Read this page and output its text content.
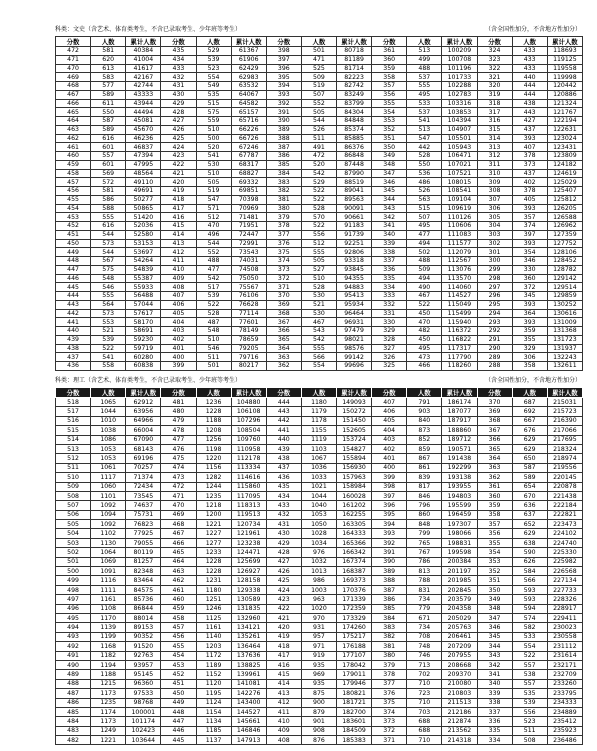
科类：文史（含艺术、体育类考生，不含已录取考生、少年班等考生）	（含全国性加分，不含地方性加分）
分数	人数	累计人数	分数	人数	累计人数	分数	人数	累计人数	分数	人数	累计人数	分数	人数	累计人数
472	581	40384	435	529	61367	398	501	80718	361	513	100209	324	433	118693
471	620	41004	434	539	61906	397	471	81189	360	499	100708	323	433	119125
470	613	41617	433	523	62429	396	525	81714	359	488	101196	322	433	119558
469	583	42167	432	554	62983	395	509	82223	358	537	101733	321	440	119998
468	577	42744	431	549	63532	394	519	82742	357	555	102288	320	444	120442
467	589	43333	430	535	64067	393	507	83249	356	495	102783	319	444	120886
466	611	43944	429	515	64582	392	552	83799	355	533	103316	318	438	121324
465	550	44494	428	575	65157	391	505	84304	354	537	103853	317	443	121767
464	587	45081	427	559	65716	390	544	84848	353	541	104394	316	427	122194
463	589	45670	426	510	66226	389	526	85374	352	513	104907	315	437	122631
462	616	46236	425	500	66726	388	511	85885	351	547	105501	314	393	123024
461	601	46837	424	520	67246	387	491	86376	350	442	105943	313	407	123431
460	557	47394	423	541	67787	386	472	86848	349	528	106471	312	378	123809
459	601	47995	422	530	68317	385	520	87448	348	550	107021	311	373	124182
458	569	48564	421	510	68827	384	542	87990	347	536	107521	310	437	124619
457	572	49110	420	505	69332	383	529	88519	346	486	108015	309	402	125029
456	581	49691	419	519	69851	382	522	89041	345	526	108541	308	378	125407
455	586	50277	418	547	70398	381	522	89563	344	563	109104	307	405	125812
454	588	50865	417	571	70969	380	528	90091	343	515	109619	306	393	126205
453	555	51420	416	512	71481	379	570	90661	342	507	110126	305	357	126588
452	616	52036	415	470	71951	378	522	91183	341	495	110606	304	374	126962
451	544	52580	414	496	72447	377	556	91739	340	477	111083	303	397	127359
450	573	53153	413	544	72991	376	512	92251	339	494	111577	302	393	127752
449	544	53697	412	552	73543	375	555	92806	338	502	112079	301	354	128106
448	567	54264	411	488	74031	374	505	93318	337	488	112567	300	346	128452
447	575	54839	410	477	74508	373	527	93845	336	509	113076	299	330	128782
446	548	55387	409	542	75050	372	510	94355	335	494	113570	298	360	129142
445	546	55933	408	517	75567	371	528	94883	334	490	114060	297	372	129514
444	555	56488	407	539	76106	370	530	95413	333	467	114527	296	345	129859
443	564	57044	406	522	76628	369	521	95934	332	522	115049	295	393	130252
442	573	57617	405	528	77114	368	530	96464	331	450	115499	294	364	130616
441	553	58170	404	487	77601	367	467	96931	330	470	115940	293	393	131009
440	521	58691	403	548	78149	366	543	97479	329	482	116372	292	359	131368
439	539	59230	402	510	78659	365	542	98021	328	450	116822	291	355	131723
438	522	59719	401	546	79205	364	555	98576	327	495	117317	290	329	131937
437	541	60280	400	511	79716	363	566	99142	326	473	117790	289	306	132243
436	558	60838	399	501	80217	362	554	99696	325	466	118260	288	358	132611
科类：理工（含艺术、体育类考生，不含已录取考生、少年班等考生）	（含全国性加分，不含地方性加分）
分数	人数	累计人数	分数	人数	累计人数	分数	人数	累计人数	分数	人数	累计人数	分数	人数	累计人数
518	1065	62912	481	1236	104880	444	1180	149093	407	791	186174	370	687	215031
517	1044	63956	480	1228	106108	443	1179	150272	406	903	187077	369	692	215723
516	1010	64966	479	1188	107296	442	1178	151450	405	840	187917	368	667	216390
515	1038	66004	478	1208	108504	441	1155	152605	404	873	188860	367	676	217066
514	1086	67090	477	1256	109760	440	1119	153724	403	852	189712	366	629	217695
513	1053	68143	476	1198	110958	439	1103	154827	402	859	190571	365	629	218324
512	1053	69196	475	1220	112178	438	1067	155894	401	867	191438	364	650	218974
511	1061	70257	474	1156	113334	437	1036	156930	400	861	192299	363	587	219556
510	1117	71374	473	1282	114616	436	1033	157963	399	839	193138	362	589	220145
509	1060	72434	472	1244	115860	435	1021	158984	398	817	193955	361	654	220878
508	1101	73545	471	1235	117095	434	1044	160028	397	846	194803	360	670	221438
507	1092	74637	470	1218	118313	433	1040	161202	396	796	195599	359	636	222184
506	1094	75731	469	1200	119513	432	1053	162255	395	860	196459	358	637	222821
505	1092	76823	468	1221	120734	431	1050	163305	394	848	197307	357	652	223473
504	1102	77925	467	1227	121961	430	1028	164333	393	799	198066	356	629	224102
503	1130	79055	466	1277	123238	429	1034	165366	392	765	198831	355	638	224740
502	1064	80119	465	1233	124471	428	976	166342	391	767	199598	354	590	225330
501	1069	81257	464	1228	125699	427	1032	167374	390	786	200384	353	626	225982
500	1091	82348	463	1228	126927	426	1013	168387	389	813	201197	352	584	226568
499	1116	83464	462	1231	128158	425	986	169373	388	788	201985	351	566	227134
498	1111	84575	461	1180	129338	424	1003	170376	387	831	202845	350	593	227733
497	1161	85736	460	1251	130589	423	963	171339	386	734	203579	349	593	228326
496	1108	86844	459	1246	131835	422	1020	172359	385	779	204358	348	594	228917
495	1170	88014	458	1125	132960	421	970	173329	384	671	205029	347	574	229411
494	1139	89153	457	1161	134121	420	931	174260	383	734	205763	346	582	230023
493	1199	90352	456	1140	135261	419	957	175217	382	708	206461	345	533	230558
492	1168	91520	455	1203	136464	418	971	176188	381	748	207209	344	554	231112
491	1182	92763	454	1172	137636	417	919	177107	380	746	207955	343	522	231614
490	1194	93957	453	1189	138825	416	935	178042	379	713	208668	342	557	232171
489	1188	95145	452	1152	139961	415	969	179011	378	702	209370	341	538	232709
488	1215	96360	451	1120	141081	414	935	179946	377	710	210080	340	557	233260
487	1173	97533	450	1195	142276	413	875	180821	376	723	210803	339	535	233795
486	1235	98768	449	1124	143400	412	900	181721	375	710	211513	338	539	234333
485	1174	100001	448	1154	144527	411	879	182700	374	703	212186	337	556	234889
484	1173	101174	447	1134	145661	410	901	183601	373	688	212874	336	523	235412
483	1249	102423	446	1185	146846	409	908	184509	372	688	213562	335	511	235923
482	1221	103644	445	1137	147913	408	876	185383	371	710	214318	334	508	236486
